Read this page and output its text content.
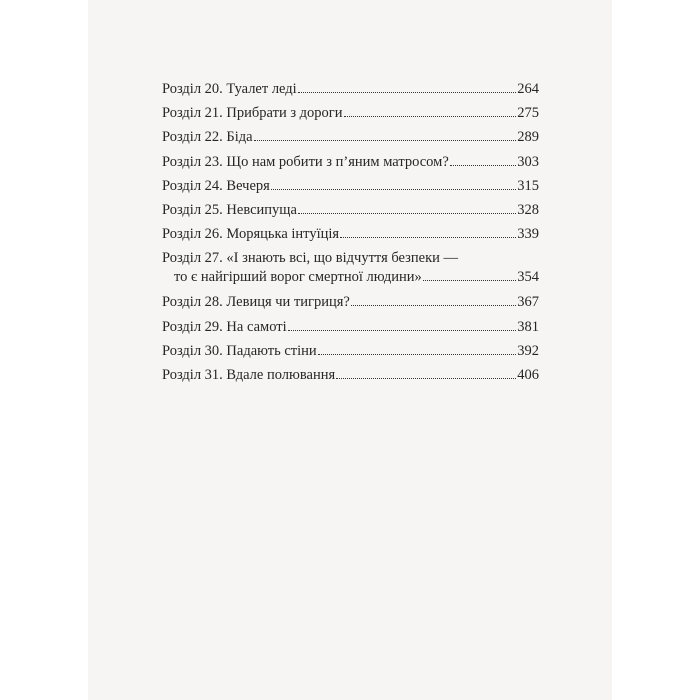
Розділ 20. Туалет леді	264
Розділ 21. Прибрати з дороги	275
Розділ 22. Біда	289
Розділ 23. Що нам робити з п’яним матросом?	303
Розділ 24. Вечеря	315
Розділ 25. Невсипуща	328
Розділ 26. Моряцька інтуїція	339
Розділ 27. «І знають всі, що відчуття безпеки —
то є найгірший ворог смертної людини»	354
Розділ 28. Левиця чи тигриця?	367
Розділ 29. На самоті	381
Розділ 30. Падають стіни	392
Розділ 31. Вдале полювання	406
